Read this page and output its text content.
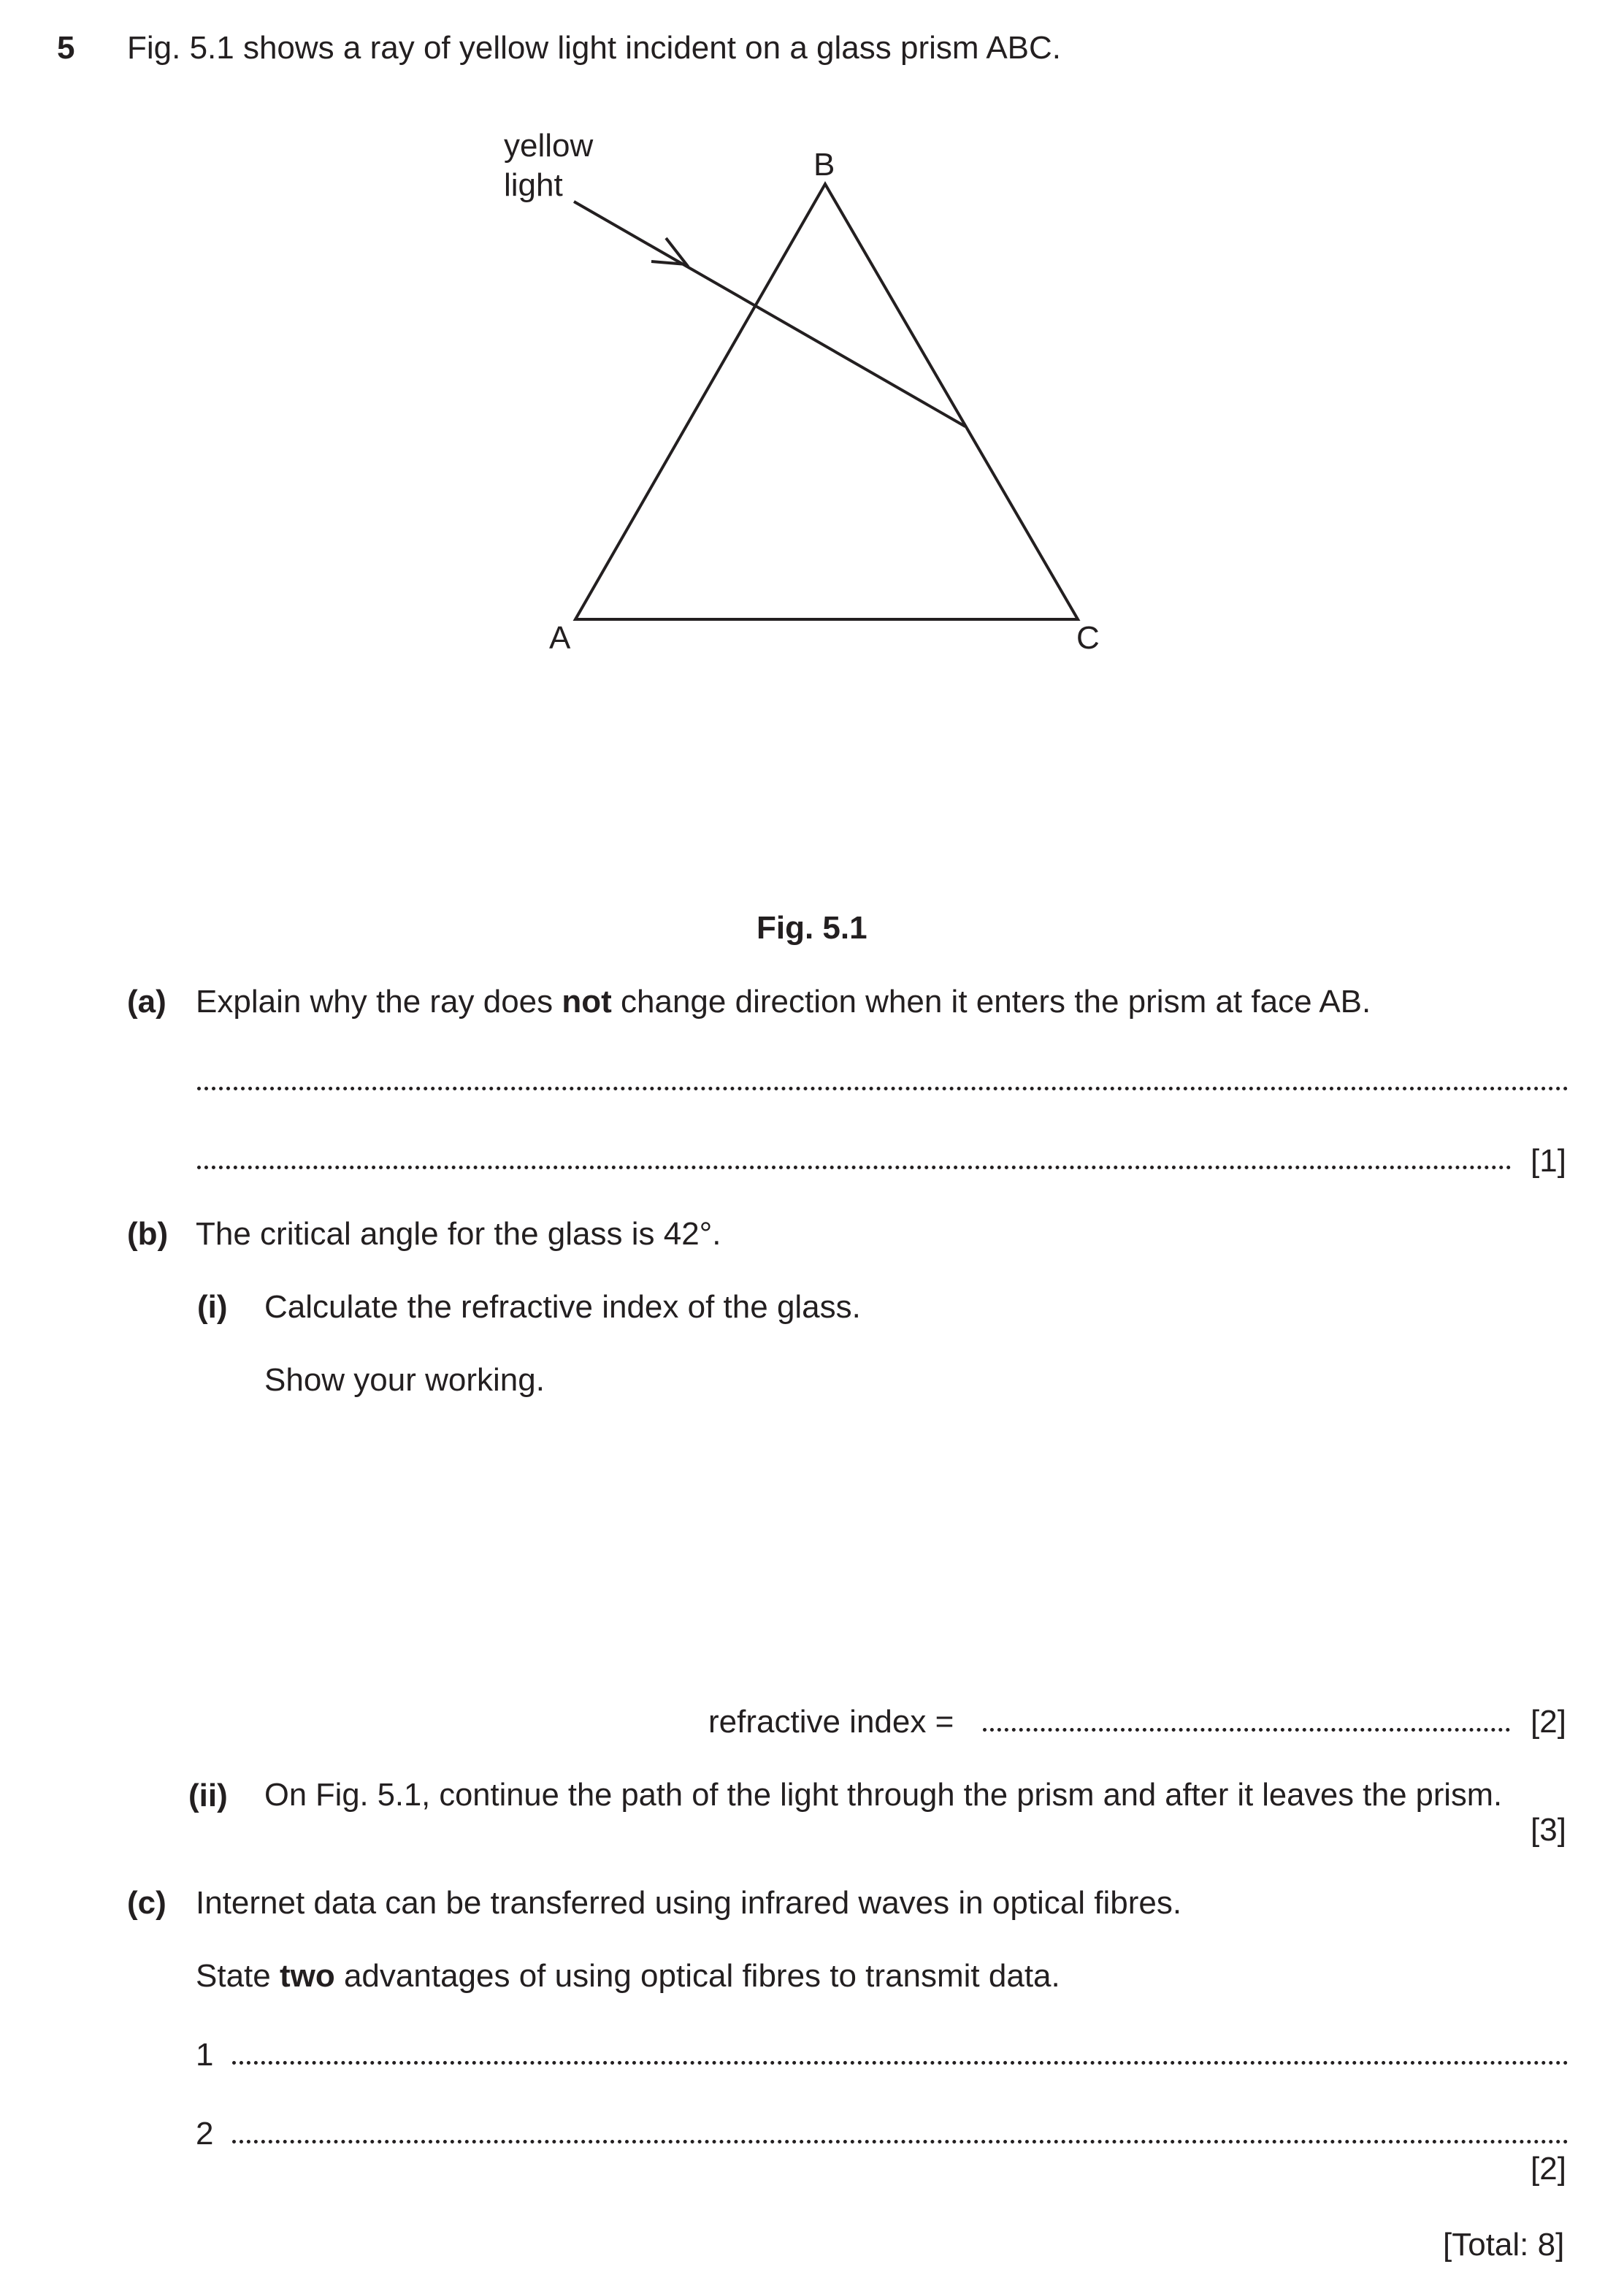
5 Fig. 5.1 shows a ray of yellow light incident on a glass prism ABC.
yellow
light
B
A	C
Fig. 5.1
(a) Explain why the ray does not change direction when it enters the prism at face AB.
[1]
(b) The critical angle for the glass is 42°.
(i) Calculate the refractive index of the glass.
Show your working.
refractive index =	[2]
(ii) On Fig. 5.1, continue the path of the light through the prism and after it leaves the prism.
[3]
(c) Internet data can be transferred using infrared waves in optical fibres.
State two advantages of using optical fibres to transmit data.
1
2
[2]
[Total: 8]
